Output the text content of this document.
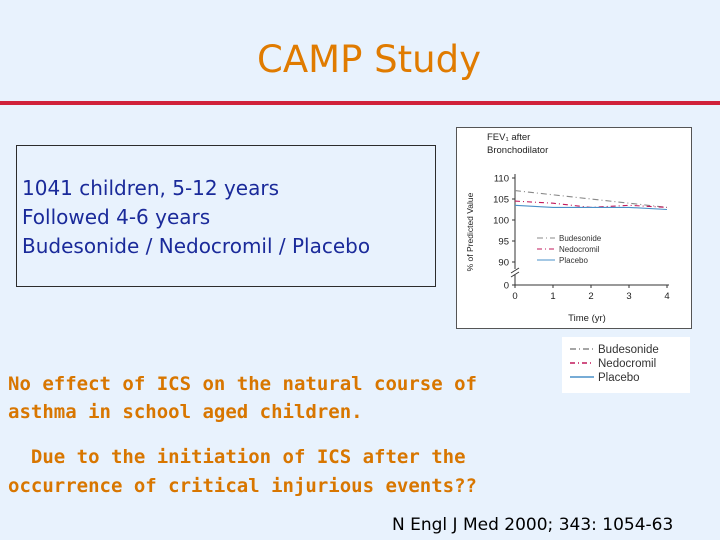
CAMP Study
1041 children, 5-12 years
Followed 4-6 years
Budesonide / Nedocromil / Placebo
FEV₁ after
Bronchodilator
0
90
95
100
105
110
0	1	2	3	4
% of Predicted Value
Time (yr)
Budesonide
Nedocromil
Placebo
Budesonide
Nedocromil
Placebo
No effect of ICS on the natural course of
asthma in school aged children.
Due to the initiation of ICS after the
occurrence of critical injurious events??
N Engl J Med 2000; 343: 1054-63
